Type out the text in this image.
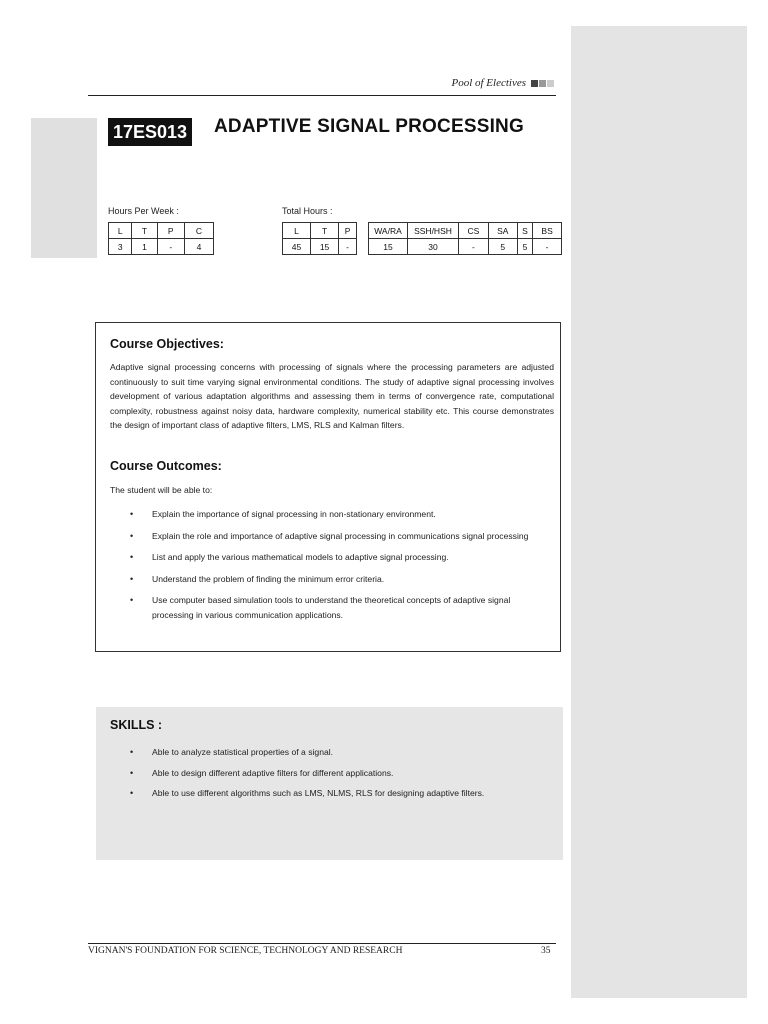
Pool of Electives
17ES013 ADAPTIVE SIGNAL PROCESSING
Hours Per Week :
L	T	P	C
3	1	-	4
Total Hours :
L	T	P
45	15	-
WA/RA	SSH/HSH	CS	SA	S	BS
15	30	-	5	5	-
Course Objectives:
Adaptive signal processing concerns with processing of signals where the processing parameters are adjusted continuously to suit time varying signal environmental conditions. The study of adaptive signal processing involves development of various adaptation algorithms and assessing them in terms of convergence rate, computational complexity, robustness against noisy data, hardware complexity, numerical stability etc. This course demonstrates the design of important class of adaptive filters, LMS, RLS and Kalman filters.
Course Outcomes:
The student will be able to:
• Explain the importance of signal processing in non-stationary environment.
• Explain the role and importance of adaptive signal processing in communications signal processing
• List and apply the various mathematical models to adaptive signal processing.
• Understand the problem of finding the minimum error criteria.
• Use computer based simulation tools to understand the theoretical concepts of adaptive signal processing in various communication applications.
SKILLS :
• Able to analyze statistical properties of a signal.
• Able to design different adaptive filters for different applications.
• Able to use different algorithms such as LMS, NLMS, RLS for designing adaptive filters.
VIGNAN'S FOUNDATION FOR SCIENCE, TECHNOLOGY AND RESEARCH	35
